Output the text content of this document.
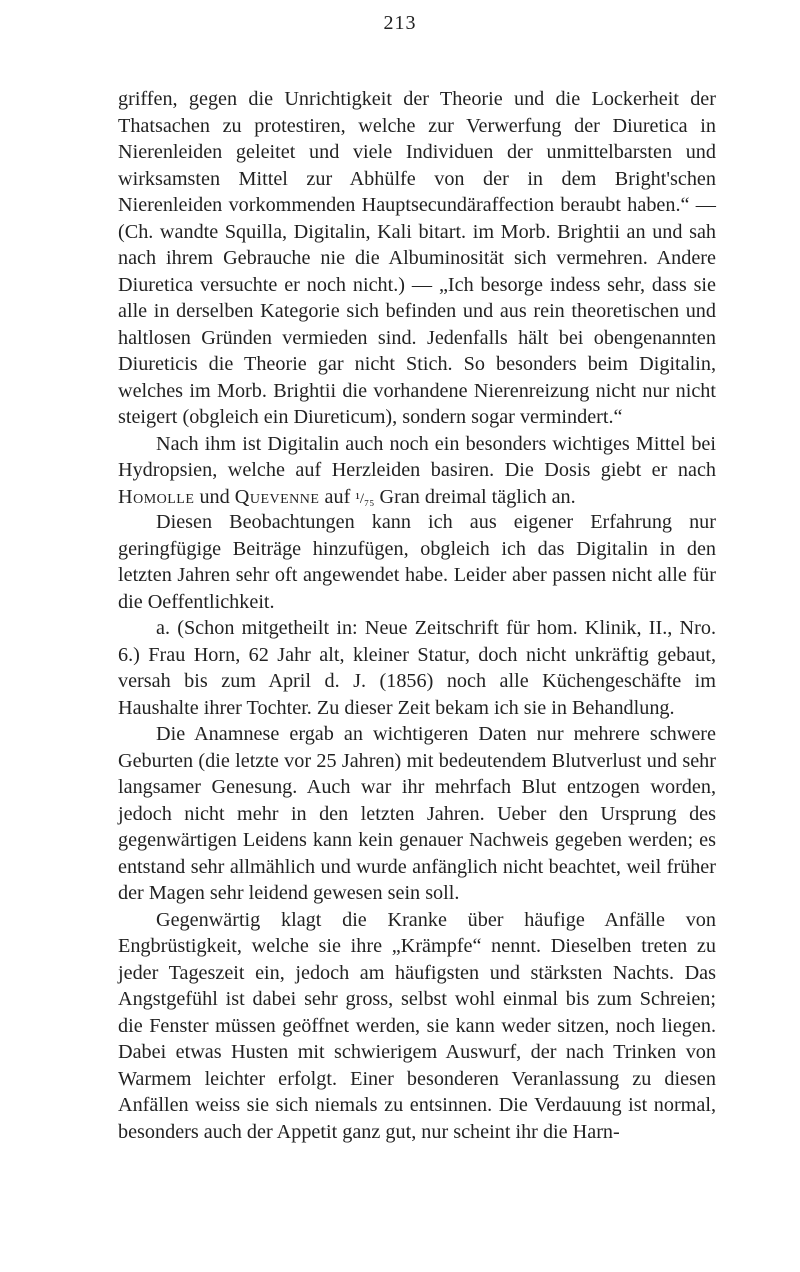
213

griffen, gegen die Unrichtigkeit der Theorie und die Lockerheit der Thatsachen zu protestiren, welche zur Verwerfung der Diuretica in Nierenleiden geleitet und viele Individuen der unmittelbarsten und wirksamsten Mittel zur Abhülfe von der in dem Bright'schen Nierenleiden vorkommenden Hauptsecundäraffection beraubt haben.“ — (Ch. wandte Squilla, Digitalin, Kali bitart. im Morb. Brightii an und sah nach ihrem Gebrauche nie die Albuminosität sich vermehren. Andere Diuretica versuchte er noch nicht.) — „Ich besorge indess sehr, dass sie alle in derselben Kategorie sich befinden und aus rein theoretischen und haltlosen Gründen vermieden sind. Jedenfalls hält bei obengenannten Diureticis die Theorie gar nicht Stich. So besonders beim Digitalin, welches im Morb. Brightii die vorhandene Nierenreizung nicht nur nicht steigert (obgleich ein Diureticum), sondern sogar vermindert.“

Nach ihm ist Digitalin auch noch ein besonders wichtiges Mittel bei Hydropsien, welche auf Herzleiden basiren. Die Dosis giebt er nach Homolle und Quevenne auf ¹/₇₅ Gran dreimal täglich an.

Diesen Beobachtungen kann ich aus eigener Erfahrung nur geringfügige Beiträge hinzufügen, obgleich ich das Digitalin in den letzten Jahren sehr oft angewendet habe. Leider aber passen nicht alle für die Oeffentlichkeit.

a. (Schon mitgetheilt in: Neue Zeitschrift für hom. Klinik, II., Nro. 6.) Frau Horn, 62 Jahr alt, kleiner Statur, doch nicht unkräftig gebaut, versah bis zum April d. J. (1856) noch alle Küchengeschäfte im Haushalte ihrer Tochter. Zu dieser Zeit bekam ich sie in Behandlung.

Die Anamnese ergab an wichtigeren Daten nur mehrere schwere Geburten (die letzte vor 25 Jahren) mit bedeutendem Blutverlust und sehr langsamer Genesung. Auch war ihr mehrfach Blut entzogen worden, jedoch nicht mehr in den letzten Jahren. Ueber den Ursprung des gegenwärtigen Leidens kann kein genauer Nachweis gegeben werden; es entstand sehr allmählich und wurde anfänglich nicht beachtet, weil früher der Magen sehr leidend gewesen sein soll.

Gegenwärtig klagt die Kranke über häufige Anfälle von Engbrüstigkeit, welche sie ihre „Krämpfe“ nennt. Dieselben treten zu jeder Tageszeit ein, jedoch am häufigsten und stärksten Nachts. Das Angstgefühl ist dabei sehr gross, selbst wohl einmal bis zum Schreien; die Fenster müssen geöffnet werden, sie kann weder sitzen, noch liegen. Dabei etwas Husten mit schwierigem Auswurf, der nach Trinken von Warmem leichter erfolgt. Einer besonderen Veranlassung zu diesen Anfällen weiss sie sich niemals zu entsinnen. Die Verdauung ist normal, besonders auch der Appetit ganz gut, nur scheint ihr die Harn-
